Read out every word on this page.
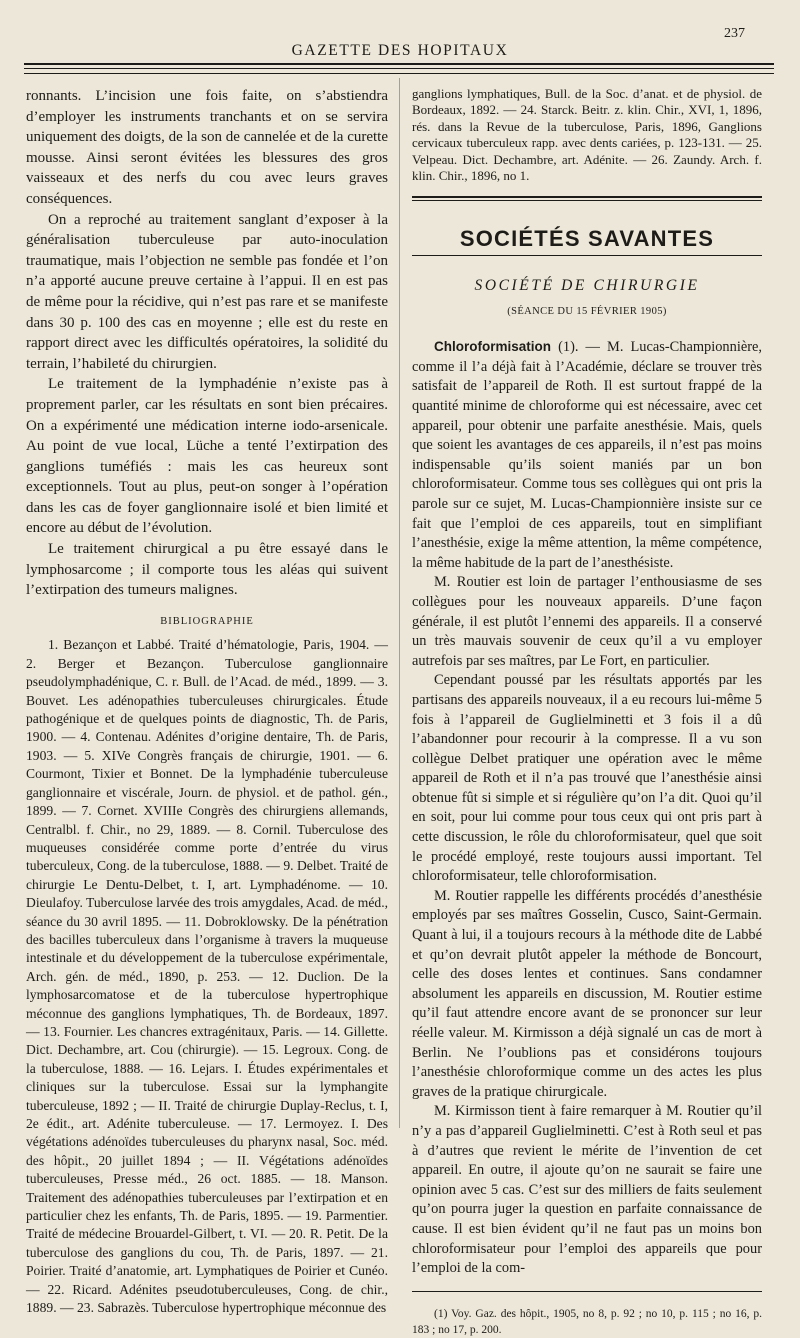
237
GAZETTE DES HOPITAUX

ronnants. L’incision une fois faite, on s’abstiendra d’employer les instruments tranchants et on se servira uniquement des doigts, de la son de cannelée et de la curette mousse. Ainsi seront évitées les blessures des gros vaisseaux et des nerfs du cou avec leurs graves conséquences.

On a reproché au traitement sanglant d’exposer à la généralisation tuberculeuse par auto-inoculation traumatique, mais l’objection ne semble pas fondée et l’on n’a apporté aucune preuve certaine à l’appui. Il en est pas de même pour la récidive, qui n’est pas rare et se manifeste dans 30 p. 100 des cas en moyenne ; elle est du reste en rapport direct avec les difficultés opératoires, la solidité du terrain, l’habileté du chirurgien.

Le traitement de la lymphadénie n’existe pas à proprement parler, car les résultats en sont bien précaires. On a expérimenté une médication interne iodo-arsenicale. Au point de vue local, Lüche a tenté l’extirpation des ganglions tuméfiés : mais les cas heureux sont exceptionnels. Tout au plus, peut-on songer à l’opération dans les cas de foyer ganglionnaire isolé et bien limité et encore au début de l’évolution.

Le traitement chirurgical a pu être essayé dans le lymphosarcome ; il comporte tous les aléas qui suivent l’extirpation des tumeurs malignes.

BIBLIOGRAPHIE

1. Bezançon et Labbé. Traité d’hématologie, Paris, 1904. — 2. Berger et Bezançon. Tuberculose ganglionnaire pseudolymphadénique, C. r. Bull. de l’Acad. de méd., 1899. — 3. Bouvet. Les adénopathies tuberculeuses chirurgicales. Étude pathogénique et de quelques points de diagnostic, Th. de Paris, 1900. — 4. Contenau. Adénites d’origine dentaire, Th. de Paris, 1903. — 5. XIVe Congrès français de chirurgie, 1901. — 6. Courmont, Tixier et Bonnet. De la lymphadénie tuberculeuse ganglionnaire et viscérale, Journ. de physiol. et de pathol. gén., 1899. — 7. Cornet. XVIIIe Congrès des chirurgiens allemands, Centralbl. f. Chir., no 29, 1889. — 8. Cornil. Tuberculose des muqueuses considérée comme porte d’entrée du virus tuberculeux, Cong. de la tuberculose, 1888. — 9. Delbet. Traité de chirurgie Le Dentu-Delbet, t. I, art. Lymphadénome. — 10. Dieulafoy. Tuberculose larvée des trois amygdales, Acad. de méd., séance du 30 avril 1895. — 11. Dobroklowsky. De la pénétration des bacilles tuberculeux dans l’organisme à travers la muqueuse intestinale et du développement de la tuberculose expérimentale, Arch. gén. de méd., 1890, p. 253. — 12. Duclion. De la lymphosarcomatose et de la tuberculose hypertrophique méconnue des ganglions lymphatiques, Th. de Bordeaux, 1897. — 13. Fournier. Les chancres extragénitaux, Paris. — 14. Gillette. Dict. Dechambre, art. Cou (chirurgie). — 15. Legroux. Cong. de la tuberculose, 1888. — 16. Lejars. I. Études expérimentales et cliniques sur la tuberculose. Essai sur la lymphangite tuberculeuse, 1892 ; — II. Traité de chirurgie Duplay-Reclus, t. I, 2e édit., art. Adénite tuberculeuse. — 17. Lermoyez. I. Des végétations adénoïdes tuberculeuses du pharynx nasal, Soc. méd. des hôpit., 20 juillet 1894 ; — II. Végétations adénoïdes tuberculeuses, Presse méd., 26 oct. 1885. — 18. Manson. Traitement des adénopathies tuberculeuses par l’extirpation et en particulier chez les enfants, Th. de Paris, 1895. — 19. Parmentier. Traité de médecine Brouardel-Gilbert, t. VI. — 20. R. Petit. De la tuberculose des ganglions du cou, Th. de Paris, 1897. — 21. Poirier. Traité d’anatomie, art. Lymphatiques de Poirier et Cunéo. — 22. Ricard. Adénites pseudotuberculeuses, Cong. de chir., 1889. — 23. Sabrazès. Tuberculose hypertrophique méconnue des

ganglions lymphatiques, Bull. de la Soc. d’anat. et de physiol. de Bordeaux, 1892. — 24. Starck. Beitr. z. klin. Chir., XVI, 1, 1896, rés. dans la Revue de la tuberculose, Paris, 1896, Ganglions cervicaux tuberculeux rapp. avec dents cariées, p. 123-131. — 25. Velpeau. Dict. Dechambre, art. Adénite. — 26. Zaundy. Arch. f. klin. Chir., 1896, no 1.

SOCIÉTÉS SAVANTES
SOCIÉTÉ DE CHIRURGIE
(SÉANCE DU 15 FÉVRIER 1905)

Chloroformisation (1). — M. Lucas-Championnière, comme il l’a déjà fait à l’Académie, déclare se trouver très satisfait de l’appareil de Roth. Il est surtout frappé de la quantité minime de chloroforme qui est nécessaire, avec cet appareil, pour obtenir une parfaite anesthésie. Mais, quels que soient les avantages de ces appareils, il n’est pas moins indispensable qu’ils soient maniés par un bon chloroformisateur. Comme tous ses collègues qui ont pris la parole sur ce sujet, M. Lucas-Championnière insiste sur ce fait que l’emploi de ces appareils, tout en simplifiant l’anesthésie, exige la même attention, la même compétence, la même habitude de la part de l’anesthésiste.

M. Routier est loin de partager l’enthousiasme de ses collègues pour les nouveaux appareils. D’une façon générale, il est plutôt l’ennemi des appareils. Il a conservé un très mauvais souvenir de ceux qu’il a vu employer autrefois par ses maîtres, par Le Fort, en particulier.

Cependant poussé par les résultats apportés par les partisans des appareils nouveaux, il a eu recours lui-même 5 fois à l’appareil de Guglielminetti et 3 fois il a dû l’abandonner pour recourir à la compresse. Il a vu son collègue Delbet pratiquer une opération avec le même appareil de Roth et il n’a pas trouvé que l’anesthésie ainsi obtenue fût si simple et si régulière qu’on l’a dit. Quoi qu’il en soit, pour lui comme pour tous ceux qui ont pris part à cette discussion, le rôle du chloroformisateur, quel que soit le procédé employé, reste toujours aussi important. Tel chloroformisateur, telle chloroformisation.

M. Routier rappelle les différents procédés d’anesthésie employés par ses maîtres Gosselin, Cusco, Saint-Germain. Quant à lui, il a toujours recours à la méthode dite de Labbé et qu’on devrait plutôt appeler la méthode de Boncourt, celle des doses lentes et continues. Sans condamner absolument les appareils en discussion, M. Routier estime qu’il faut attendre encore avant de se prononcer sur leur réelle valeur. M. Kirmisson a déjà signalé un cas de mort à Berlin. Ne l’oublions pas et considérons toujours l’anesthésie chloroformique comme un des actes les plus graves de la pratique chirurgicale.

M. Kirmisson tient à faire remarquer à M. Routier qu’il n’y a pas d’appareil Guglielminetti. C’est à Roth seul et pas à d’autres que revient le mérite de l’invention de cet appareil. En outre, il ajoute qu’on ne saurait se faire une opinion avec 5 cas. C’est sur des milliers de faits seulement qu’on pourra juger la question en parfaite connaissance de cause. Il est bien évident qu’il ne faut pas un moins bon chloroformisateur pour l’emploi des appareils que pour l’emploi de la com-

(1) Voy. Gaz. des hôpit., 1905, no 8, p. 92 ; no 10, p. 115 ; no 16, p. 183 ; no 17, p. 200.
